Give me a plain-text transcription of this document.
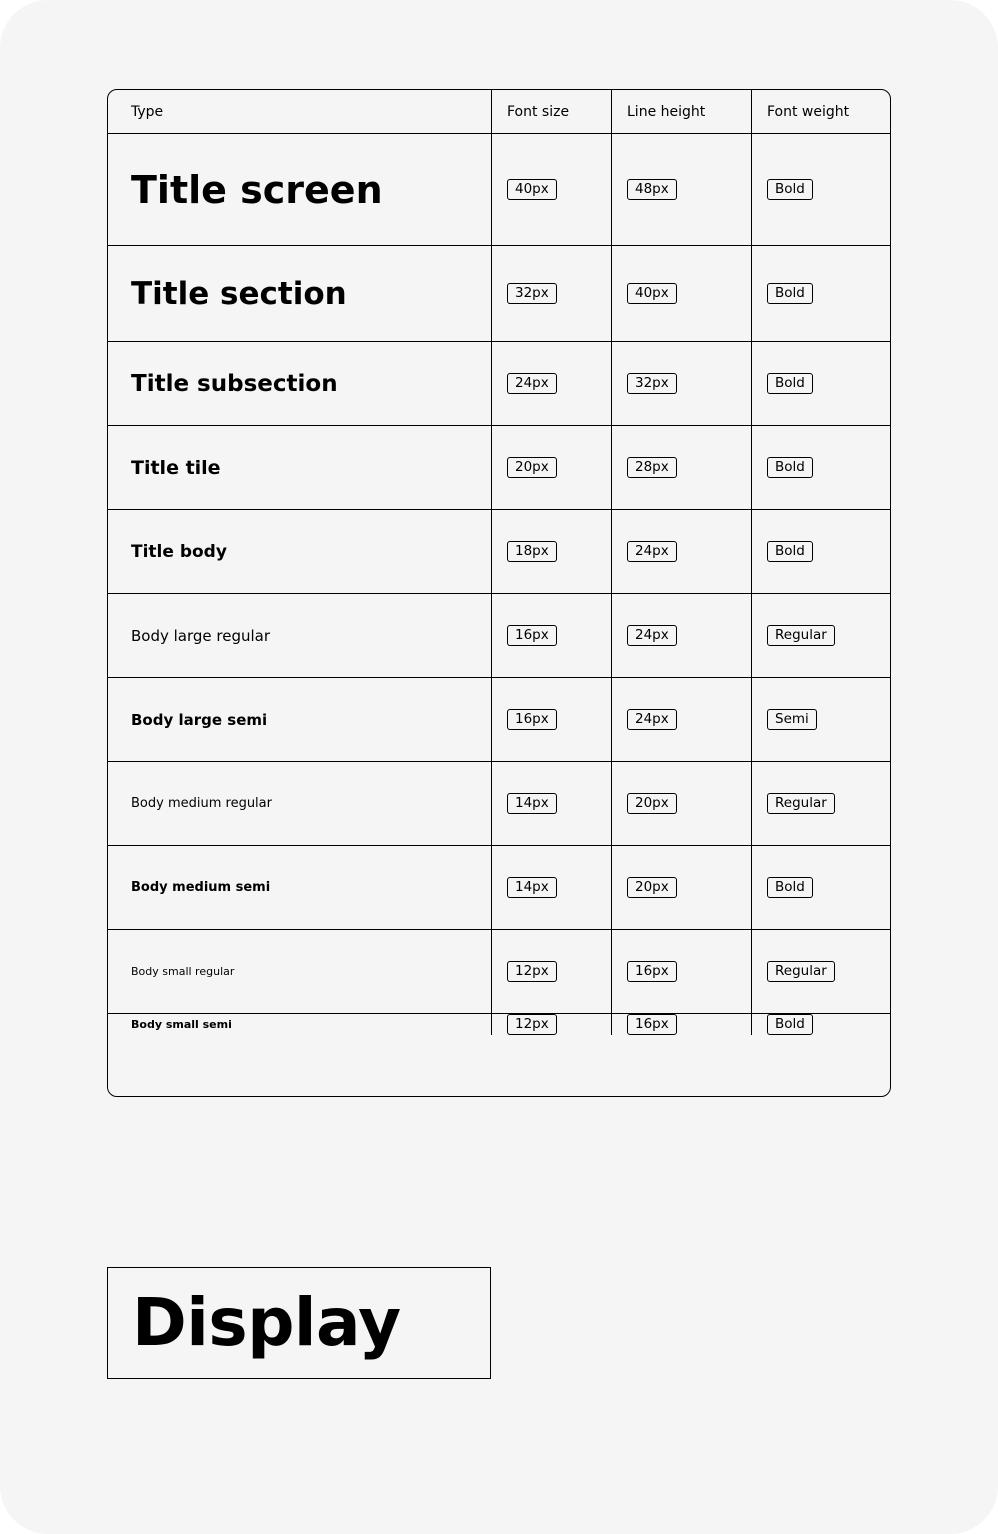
Type	Font size	Line height	Font weight
Title screen	40px	48px	Bold
Title section	32px	40px	Bold
Title subsection	24px	32px	Bold
Title tile	20px	28px	Bold
Title body	18px	24px	Bold
Body large regular	16px	24px	Regular
Body large semi	16px	24px	Semi
Body medium regular	14px	20px	Regular
Body medium semi	14px	20px	Bold
Body small regular	12px	16px	Regular
Body small semi	12px	16px	Bold
Display
